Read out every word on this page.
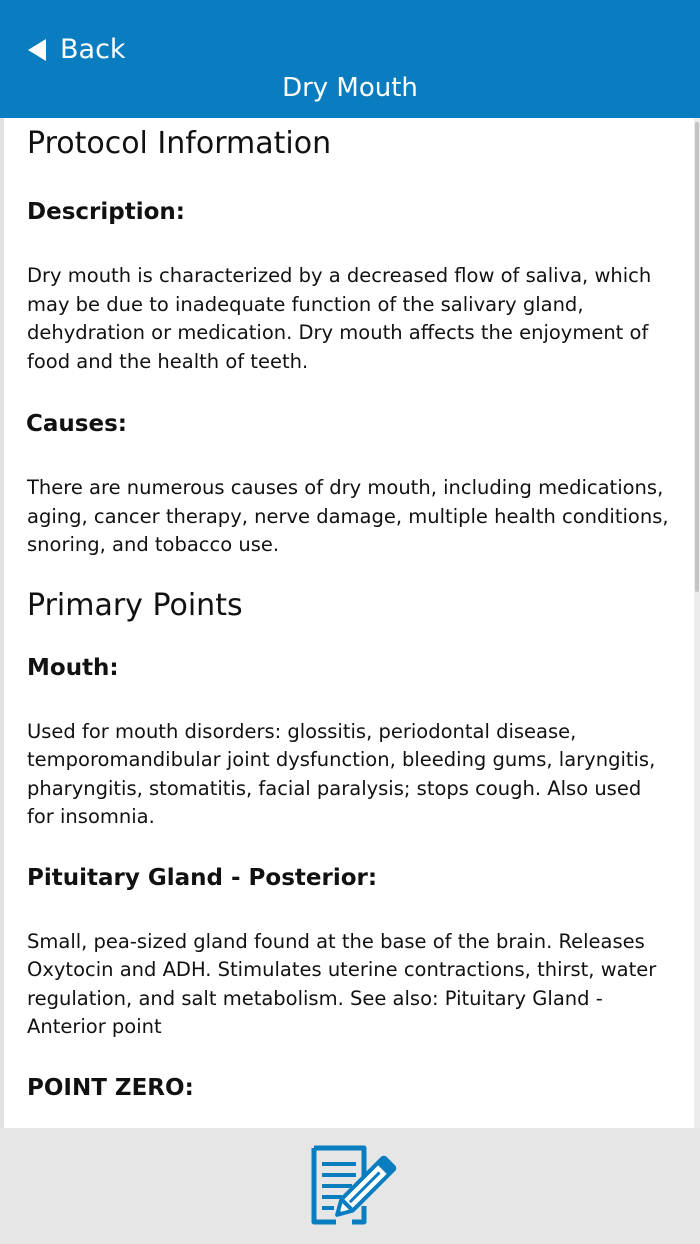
Back
Dry Mouth
Protocol Information
Description:

Dry mouth is characterized by a decreased flow of saliva, which may be due to inadequate function of the salivary gland, dehydration or medication. Dry mouth affects the enjoyment of food and the health of teeth.

Causes:

There are numerous causes of dry mouth, including medications, aging, cancer therapy, nerve damage, multiple health conditions, snoring, and tobacco use.

Primary Points
Mouth:

Used for mouth disorders: glossitis, periodontal disease, temporomandibular joint dysfunction, bleeding gums, laryngitis, pharyngitis, stomatitis, facial paralysis; stops cough. Also used for insomnia.

Pituitary Gland - Posterior:

Small, pea-sized gland found at the base of the brain. Releases Oxytocin and ADH. Stimulates uterine contractions, thirst, water regulation, and salt metabolism. See also: Pituitary Gland - Anterior point

POINT ZERO:
